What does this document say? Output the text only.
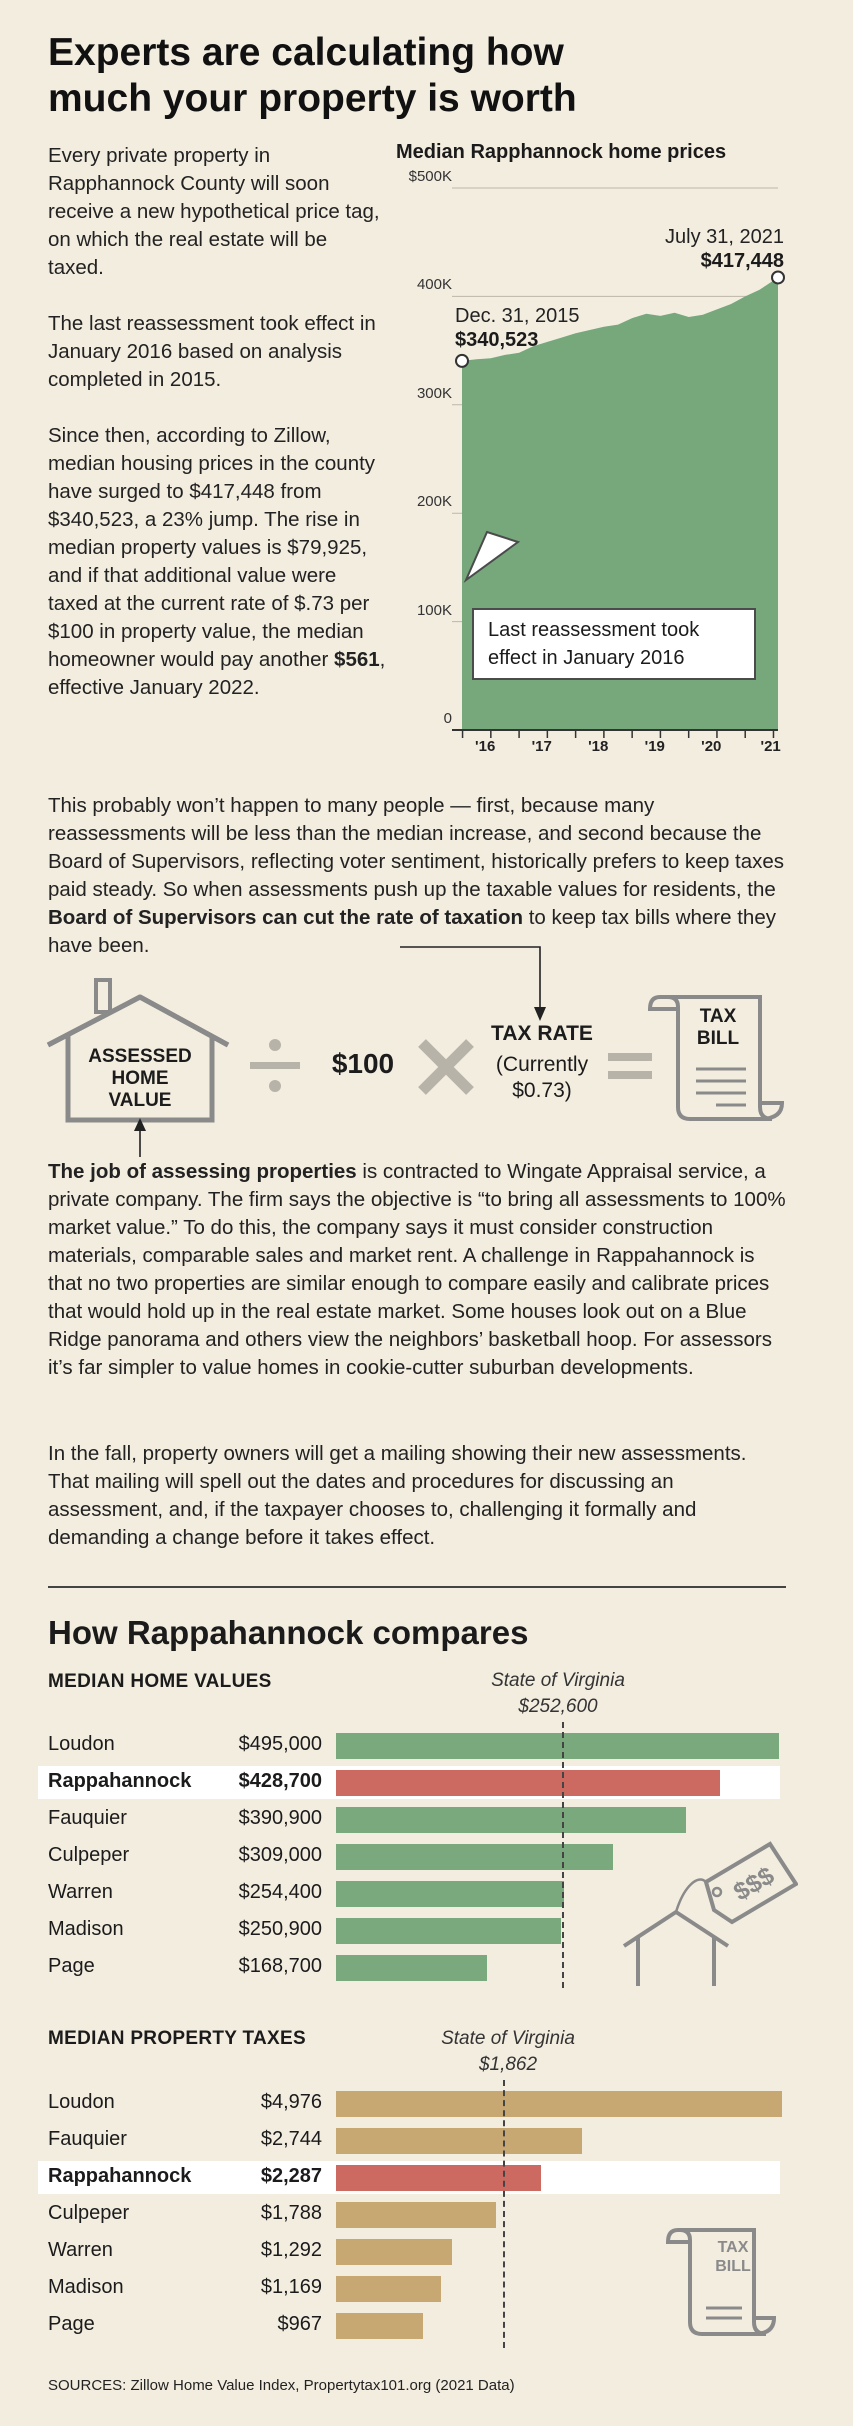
Experts are calculating how
much your property is worth
Every private property in Rapphannock County will soon receive a new hypothetical price tag, on which the real estate will be taxed.
The last reassessment took effect in January 2016 based on analysis completed in 2015.
Since then, according to Zillow, median housing prices in the county have surged to $417,448 from $340,523, a 23% jump. The rise in median property values is $79,925, and if that additional value were taxed at the current rate of $.73 per $100 in property value, the median homeowner would pay another $561, effective January 2022.
Median Rapphannock home prices
$500K
400K
300K
200K
100K
0
'16	'17	'18	'19	'20	'21
Dec. 31, 2015
$340,523
July 31, 2021
$417,448
Last reassessment took effect in January 2016
This probably won’t happen to many people — first, because many reassessments will be less than the median increase, and second because the Board of Supervisors, reflecting voter sentiment, historically prefers to keep taxes paid steady. So when assessments push up the taxable values for residents, the Board of Supervisors can cut the rate of taxation to keep tax bills where they have been.
ASSESSED
HOME
VALUE
$100
TAX RATE
(Currently
$0.73)
TAX
BILL
The job of assessing properties is contracted to Wingate Appraisal service, a private company. The firm says the objective is “to bring all assessments to 100% market value.” To do this, the company says it must consider construction materials, comparable sales and market rent. A challenge in Rappahannock is that no two properties are similar enough to compare easily and calibrate prices that would hold up in the real estate market. Some houses look out on a Blue Ridge panorama and others view the neighbors’ basketball hoop. For assessors it’s far simpler to value homes in cookie-cutter suburban developments.
In the fall, property owners will get a mailing showing their new assessments. That mailing will spell out the dates and procedures for discussing an assessment, and, if the taxpayer chooses to, challenging it formally and demanding a change before it takes effect.
How Rappahannock compares
MEDIAN HOME VALUES	State of Virginia
$252,600
Loudon	$495,000
Rappahannock	$428,700
Fauquier	$390,900
Culpeper	$309,000
Warren	$254,400
Madison	$250,900
Page	$168,700
$$$
MEDIAN PROPERTY TAXES	State of Virginia
$1,862
Loudon	$4,976
Fauquier	$2,744
Rappahannock	$2,287
Culpeper	$1,788
Warren	$1,292
Madison	$1,169
Page	$967
TAX
BILL
SOURCES: Zillow Home Value Index, Propertytax101.org (2021 Data)
